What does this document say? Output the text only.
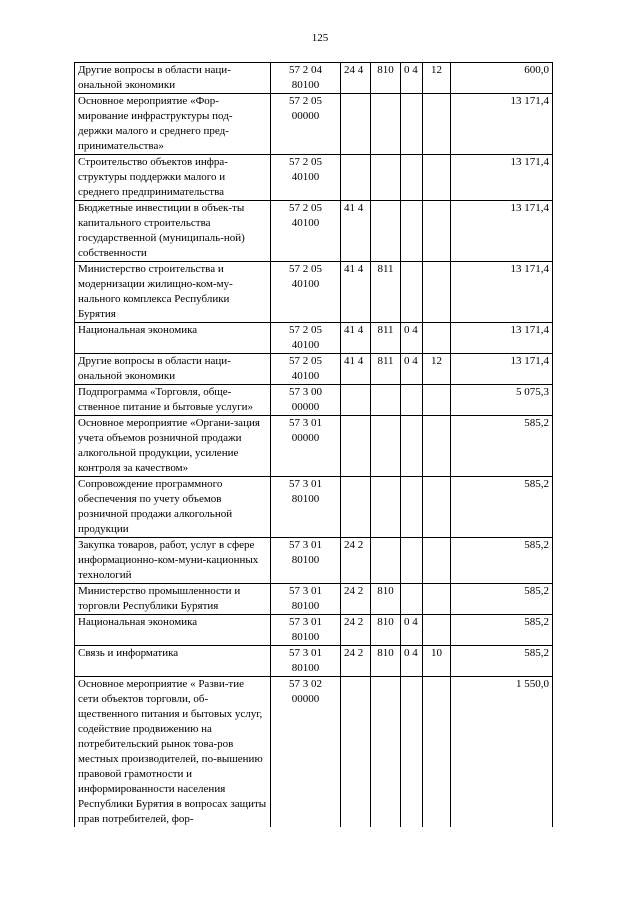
125
Другие вопросы в области наци-ональной экономики	57 2 04 80100	24 4	810	0 4	12	600,0
Основное мероприятие «Фор-мирование инфраструктуры под-держки малого и среднего пред-принимательства»	57 2 05 00000					13 171,4
Строительство объектов инфра-структуры поддержки малого и среднего предпринимательства	57 2 05 40100					13 171,4
Бюджетные инвестиции в объек-ты капитального строительства государственной (муниципаль-ной) собственности	57 2 05 40100	41 4				13 171,4
Министерство строительства и модернизации жилищно-ком-му-нального комплекса Республики Бурятия	57 2 05 40100	41 4	811			13 171,4
Национальная экономика	57 2 05 40100	41 4	811	0 4		13 171,4
Другие вопросы в области наци-ональной экономики	57 2 05 40100	41 4	811	0 4	12	13 171,4
Подпрограмма «Торговля, обще-ственное питание и бытовые услуги»	57 3 00 00000					5 075,3
Основное мероприятие «Органи-зация учета объемов розничной продажи алкогольной продукции, усиление контроля за качеством»	57 3 01 00000					585,2
Сопровождение программного обеспечения по учету объемов розничной продажи алкогольной продукции	57 3 01 80100					585,2
Закупка товаров, работ, услуг в сфере информационно-ком-муни-кационных технологий	57 3 01 80100	24 2				585,2
Министерство промышленности и торговли Республики Бурятия	57 3 01 80100	24 2	810			585,2
Национальная экономика	57 3 01 80100	24 2	810	0 4		585,2
Связь и информатика	57 3 01 80100	24 2	810	0 4	10	585,2
Основное мероприятие « Разви-тие сети объектов торговли, об-щественного питания и бытовых услуг, содействие продвижению на потребительский рынок това-ров местных производителей, по-вышению правовой грамотности и информированности населения Республики Бурятия в вопросах защиты прав потребителей, фор-	57 3 02 00000					1 550,0
